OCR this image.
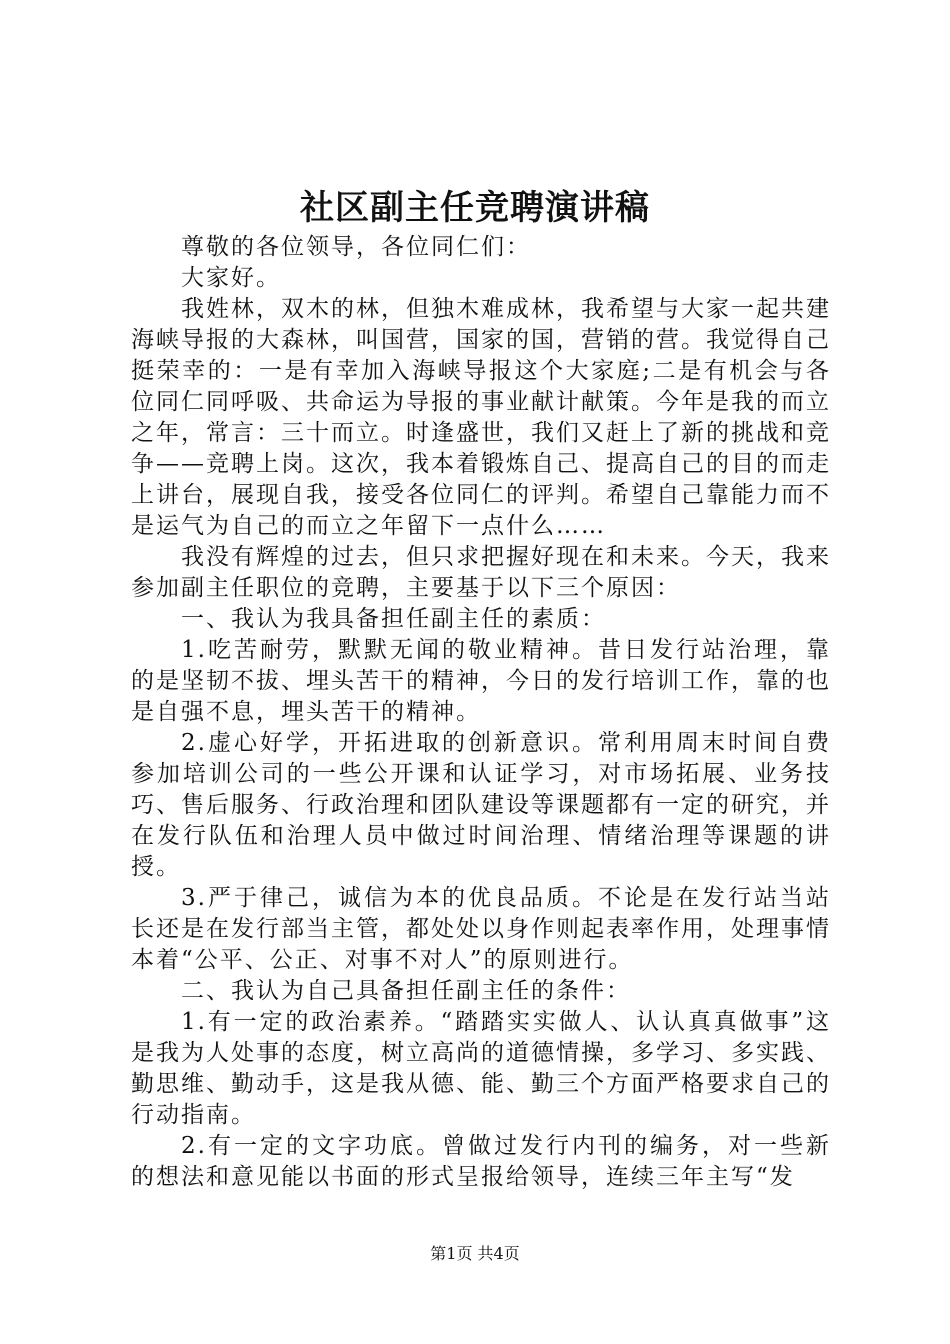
社区副主任竞聘演讲稿

尊敬的各位领导，各位同仁们：

大家好。

我姓林，双木的林，但独木难成林，我希望与大家一起共建海峡导报的大森林，叫国营，国家的国，营销的营。我觉得自己挺荣幸的：一是有幸加入海峡导报这个大家庭;二是有机会与各位同仁同呼吸、共命运为导报的事业献计献策。今年是我的而立之年，常言：三十而立。时逢盛世，我们又赶上了新的挑战和竞争——竞聘上岗。这次，我本着锻炼自己、提高自己的目的而走上讲台，展现自我，接受各位同仁的评判。希望自己靠能力而不是运气为自己的而立之年留下一点什么……

我没有辉煌的过去，但只求把握好现在和未来。今天，我来参加副主任职位的竞聘，主要基于以下三个原因：

一、我认为我具备担任副主任的素质：

1.吃苦耐劳，默默无闻的敬业精神。昔日发行站治理，靠的是坚韧不拔、埋头苦干的精神，今日的发行培训工作，靠的也是自强不息，埋头苦干的精神。

2.虚心好学，开拓进取的创新意识。常利用周末时间自费参加培训公司的一些公开课和认证学习，对市场拓展、业务技巧、售后服务、行政治理和团队建设等课题都有一定的研究，并在发行队伍和治理人员中做过时间治理、情绪治理等课题的讲授。

3.严于律己，诚信为本的优良品质。不论是在发行站当站长还是在发行部当主管，都处处以身作则起表率作用，处理事情本着“公平、公正、对事不对人”的原则进行。

二、我认为自己具备担任副主任的条件：

1.有一定的政治素养。“踏踏实实做人、认认真真做事”这是我为人处事的态度，树立高尚的道德情操，多学习、多实践、勤思维、勤动手，这是我从德、能、勤三个方面严格要求自己的行动指南。

2.有一定的文字功底。曾做过发行内刊的编务，对一些新的想法和意见能以书面的形式呈报给领导，连续三年主写“发

第1页 共4页
